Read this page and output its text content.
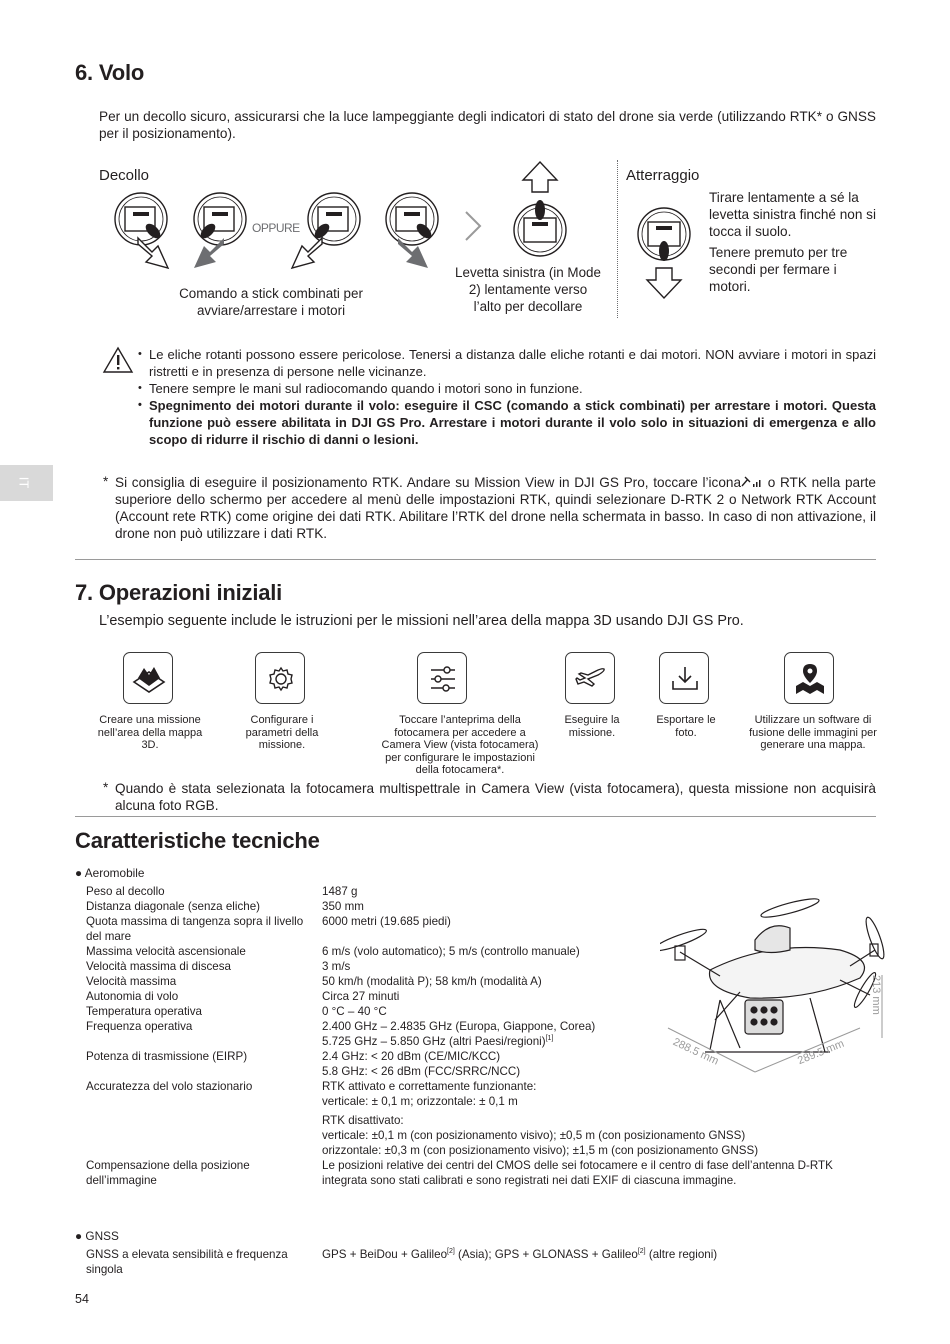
6. Volo

Per un decollo sicuro, assicurarsi che la luce lampeggiante degli indicatori di stato del drone sia verde (utilizzando RTK* o GNSS per il posizionamento).

Decollo
OPPURE
Comando a stick combinati per avviare/arrestare i motori
Levetta sinistra (in Mode 2) lentamente verso l’alto per decollare
Atterraggio
Tirare lentamente a sé la levetta sinistra finché non si tocca il suolo.
Tenere premuto per tre secondi per fermare i motori.
• Le eliche rotanti possono essere pericolose. Tenersi a distanza dalle eliche rotanti e dai motori. NON avviare i motori in spazi ristretti e in presenza di persone nelle vicinanze.
• Tenere sempre le mani sul radiocomando quando i motori sono in funzione.
• Spegnimento dei motori durante il volo: eseguire il CSC (comando a stick combinati) per arrestare i motori. Questa funzione può essere abilitata in DJI GS Pro. Arrestare i motori durante il volo solo in situazioni di emergenza e allo scopo di ridurre il rischio di danni o lesioni.
IT	* Si consiglia di eseguire il posizionamento RTK. Andare su Mission View in DJI GS Pro, toccare l’icona o RTK nella parte superiore dello schermo per accedere al menù delle impostazioni RTK, quindi selezionare D-RTK 2 o Network RTK Account (Account rete RTK) come origine dei dati RTK. Abilitare l’RTK del drone nella schermata in basso. In caso di non attivazione, il drone non può utilizzare i dati RTK.

7. Operazioni iniziali

L’esempio seguente include le istruzioni per le missioni nell’area della mappa 3D usando DJI GS Pro.

Creare una missione nell’area della mappa 3D.
Configurare i parametri della missione.
Toccare l’anteprima della fotocamera per accedere a Camera View (vista fotocamera) per configurare le impostazioni della fotocamera*.
Eseguire la missione.
Esportare le foto.
Utilizzare un software di fusione delle immagini per generare una mappa.
* Quando è stata selezionata la fotocamera multispettrale in Camera View (vista fotocamera), questa missione non acquisirà alcuna foto RGB.

Caratteristiche tecniche
● Aeromobile
Peso al decollo	1487 g
Distanza diagonale (senza eliche)	350 mm
Quota massima di tangenza sopra il livello del mare	6000 metri (19.685 piedi)
Massima velocità ascensionale	6 m/s (volo automatico); 5 m/s (controllo manuale)
Velocità massima di discesa	3 m/s
Velocità massima	50 km/h (modalità P); 58 km/h (modalità A)
Autonomia di volo	Circa 27 minuti
Temperatura operativa	0 °C – 40 °C
Frequenza operativa	2.400 GHz – 2.4835 GHz (Europa, Giappone, Corea)
5.725 GHz – 5.850 GHz (altri Paesi/regioni)[1]
Potenza di trasmissione (EIRP)	2.4 GHz: < 20 dBm (CE/MIC/KCC)
5.8 GHz: < 26 dBm (FCC/SRRC/NCC)
Accuratezza del volo stazionario	RTK attivato e correttamente funzionante:
verticale: ± 0,1 m; orizzontale: ± 0,1 m
RTK disattivato:
verticale: ±0,1 m (con posizionamento visivo); ±0,5 m (con posizionamento GNSS)
orizzontale: ±0,3 m (con posizionamento visivo); ±1,5 m (con posizionamento GNSS)
Compensazione della posizione dell’immagine	Le posizioni relative dei centri del CMOS delle sei fotocamere e il centro di fase dell’antenna D-RTK integrata sono stati calibrati e sono registrati nei dati EXIF di ciascuna immagine.
● GNSS
GNSS a elevata sensibilità e frequenza singola	GPS + BeiDou + Galileo[2] (Asia); GPS + GLONASS + Galileo[2] (altre regioni)
213 mm
288.5 mm	289.5 mm
54
